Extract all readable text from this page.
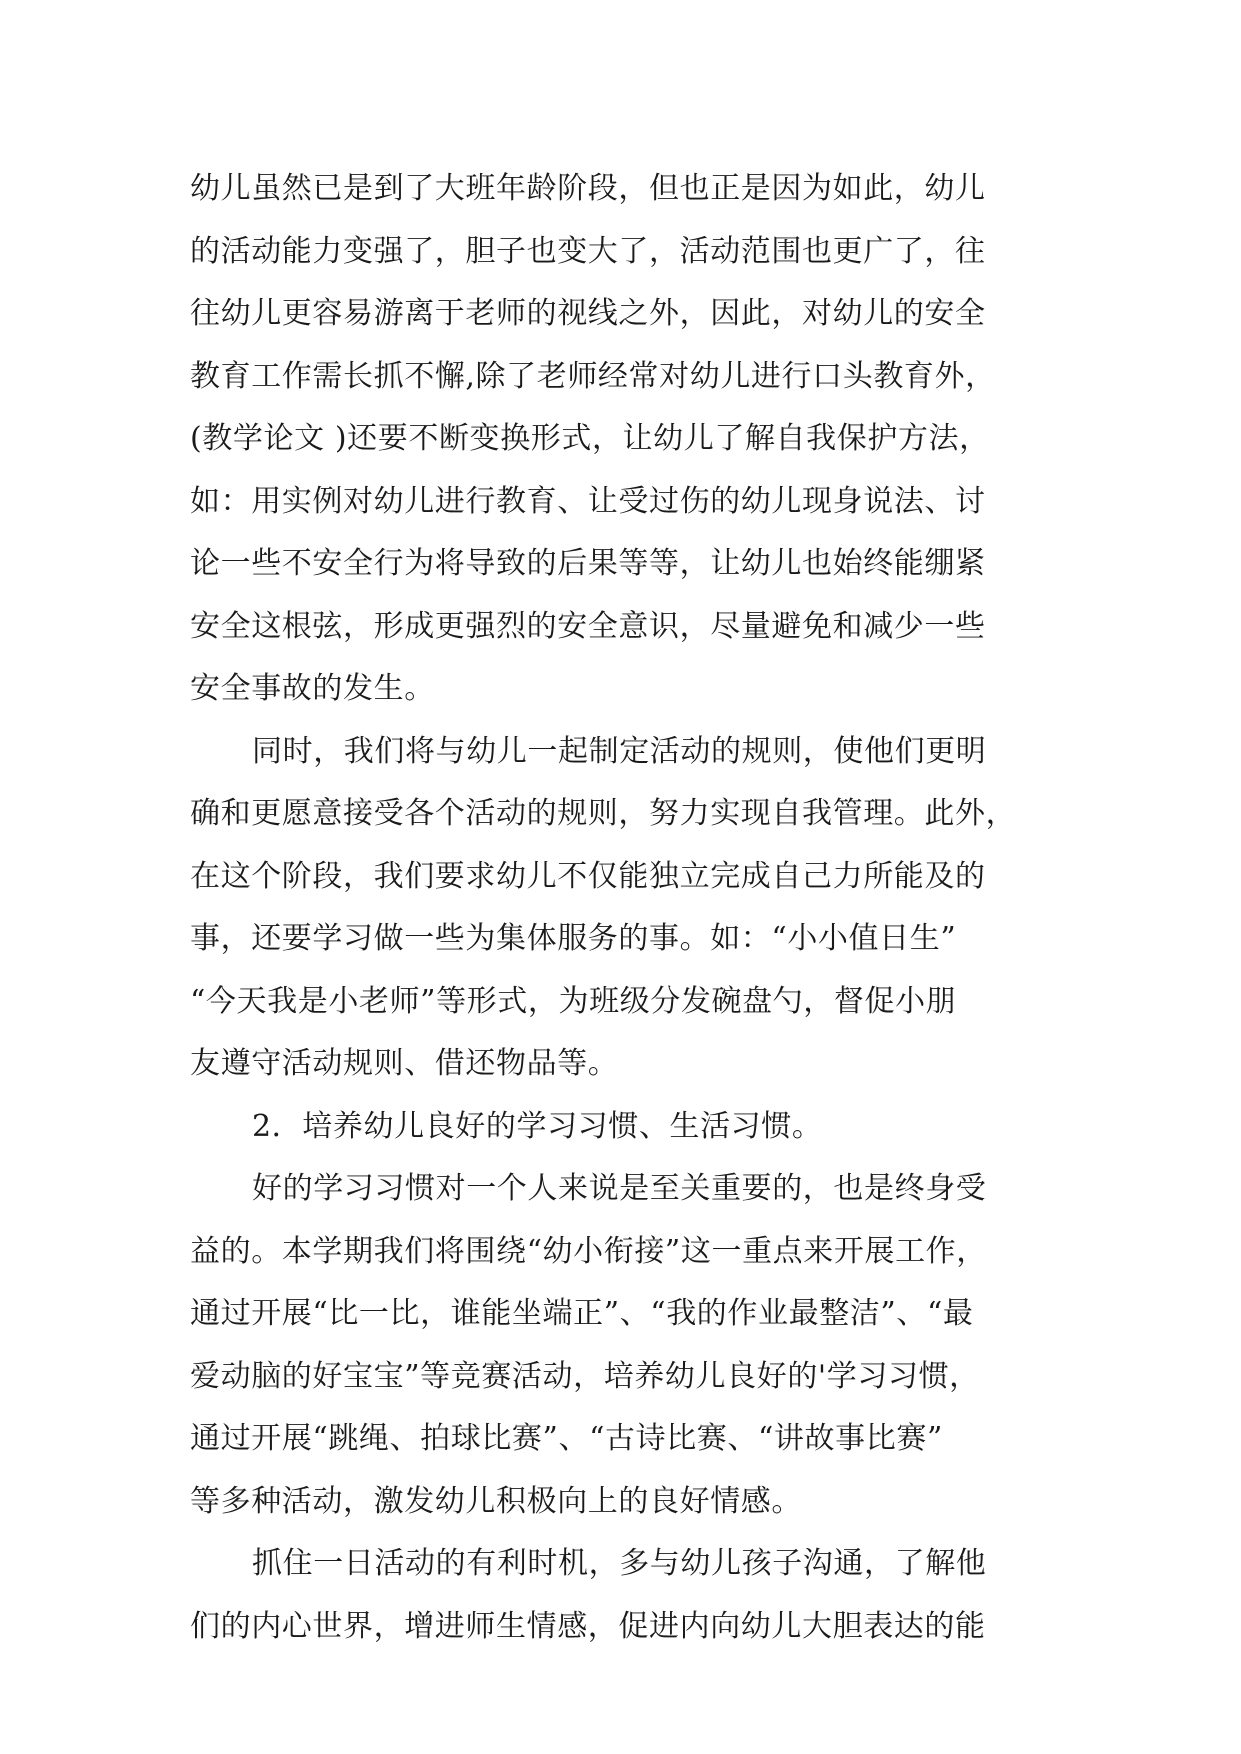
幼儿虽然已是到了大班年龄阶段，但也正是因为如此，幼儿
的活动能力变强了，胆子也变大了，活动范围也更广了，往
往幼儿更容易游离于老师的视线之外，因此，对幼儿的安全
教育工作需长抓不懈,除了老师经常对幼儿进行口头教育外，
(教学论文 )还要不断变换形式，让幼儿了解自我保护方法，
如：用实例对幼儿进行教育、让受过伤的幼儿现身说法、讨
论一些不安全行为将导致的后果等等，让幼儿也始终能绷紧
安全这根弦，形成更强烈的安全意识，尽量避免和减少一些
安全事故的发生。
同时，我们将与幼儿一起制定活动的规则，使他们更明
确和更愿意接受各个活动的规则，努力实现自我管理。此外，
在这个阶段，我们要求幼儿不仅能独立完成自己力所能及的
事，还要学习做一些为集体服务的事。如：“小小值日生”
“今天我是小老师”等形式，为班级分发碗盘勺，督促小朋
友遵守活动规则、借还物品等。
2．培养幼儿良好的学习习惯、生活习惯。
好的学习习惯对一个人来说是至关重要的，也是终身受
益的。本学期我们将围绕“幼小衔接”这一重点来开展工作，
通过开展“比一比，谁能坐端正”、“我的作业最整洁”、“最
爱动脑的好宝宝”等竞赛活动，培养幼儿良好的'学习习惯，
通过开展“跳绳、拍球比赛”、“古诗比赛、“讲故事比赛”
等多种活动，激发幼儿积极向上的良好情感。
抓住一日活动的有利时机，多与幼儿孩子沟通，了解他
们的内心世界，增进师生情感，促进内向幼儿大胆表达的能
